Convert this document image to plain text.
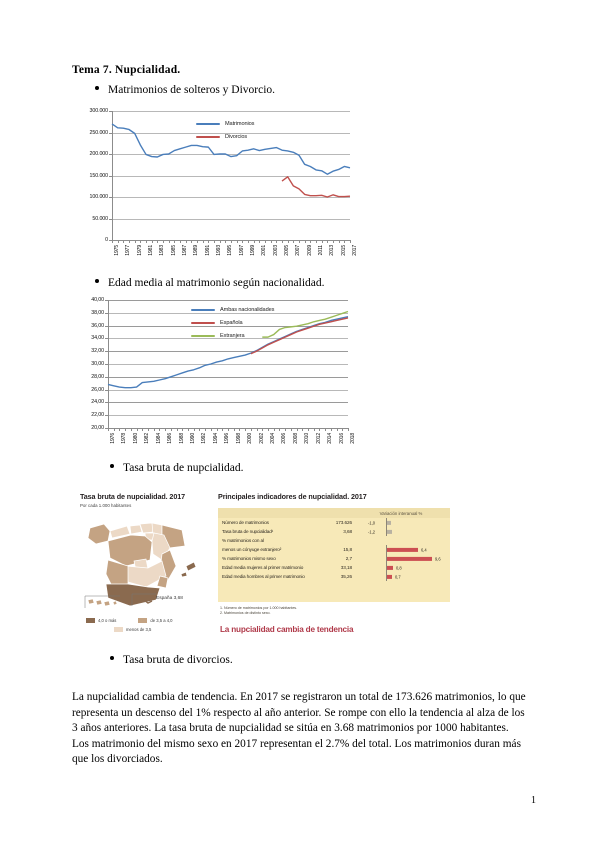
Tema 7. Nupcialidad.
Matrimonios de solteros y Divorcio.
0
50.000
100.000
150.000
200.000
250.000
300.000
1975 1977 1979 1981 1983 1985 1987 1989 1991 1993 1995 1997 1999 2001 2003 2005 2007 2009 2011 2013 2015 2017
Matrimonios
Divorcios
Edad media al matrimonio según nacionalidad.
20,00
22,00
24,00
26,00
28,00
30,00
32,00
34,00
36,00
38,00
40,00
1976 1978 1980 1982 1984 1986 1988 1990 1992 1994 1996 1998 2000 2002 2004 2006 2008 2010 2012 2014 2016 2018
Ambas nacionalidades
Española
Extranjera
Tasa bruta de nupcialidad.
Tasa bruta de nupcialidad. 2017
Por cada 1.000 habitantes
España 3,68
4,0 o más	de 3,5 a 4,0
menos de 3,5
Principales indicadores de nupcialidad. 2017
Variación interanual %
Número de matrimonios	173.626	-1,0
Tasa bruta de nupcialidad¹	3,68	-1,2
% matrimonios con al
menos un cónyuge extranjero²	15,8	6,4
% matrimonios mismo sexo	2,7	9,6
Edad media mujeres al primer matrimonio	33,18	0,8
Edad media hombres al primer matrimonio	35,26	0,7
1. Número de matrimonios por 1.000 habitantes.
2. Matrimonios de distinto sexo.
La nupcialidad cambia de tendencia
Tasa bruta de divorcios.
La nupcialidad cambia de tendencia. En 2017 se registraron un total de 173.626 matrimonios, lo que representa un descenso del 1% respecto al año anterior. Se rompe con ello la tendencia al alza de los 3 años anteriores. La tasa bruta de nupcialidad se sitúa en 3.68 matrimonios por 1000 habitantes. Los matrimonio del mismo sexo en 2017 representan el 2.7% del total. Los matrimonios duran más que los divorciados.
1
